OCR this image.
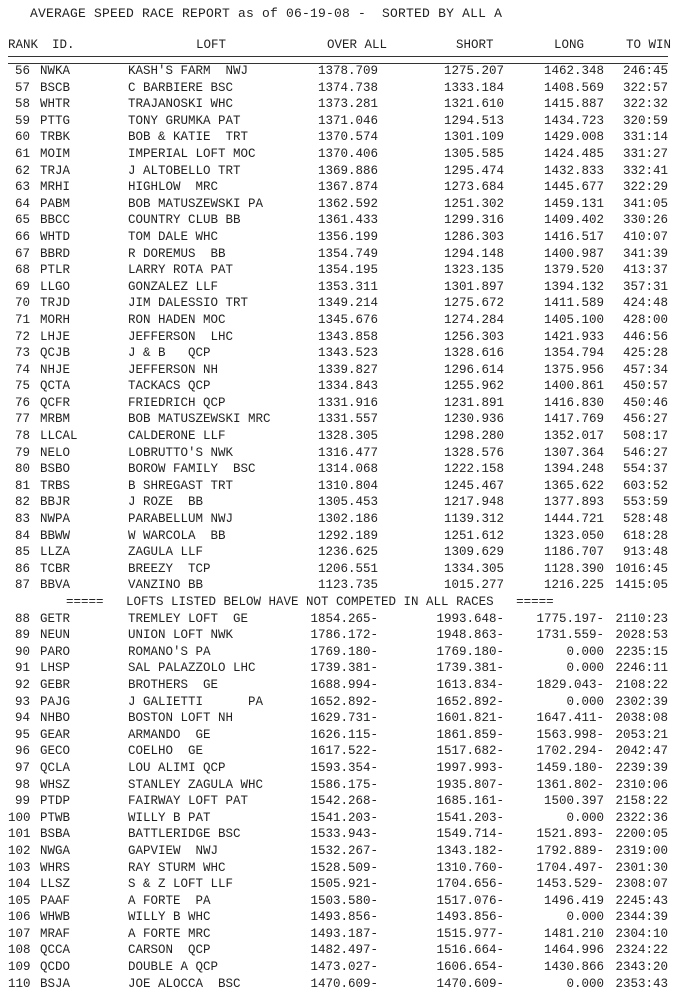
AVERAGE SPEED RACE REPORT as of 06-19-08 -  SORTED BY ALL A
RANK ID.	LOFT	OVER ALL	SHORT	LONG	TO WIN
56 NWKA	KASH'S FARM  NWJ	1378.709	1275.207	1462.348	246:45
57 BSCB	C BARBIERE BSC	1374.738	1333.184	1408.569	322:57
58 WHTR	TRAJANOSKI WHC	1373.281	1321.610	1415.887	322:32
59 PTTG	TONY GRUMKA PAT	1371.046	1294.513	1434.723	320:59
60 TRBK	BOB & KATIE  TRT	1370.574	1301.109	1429.008	331:14
61 MOIM	IMPERIAL LOFT MOC	1370.406	1305.585	1424.485	331:27
62 TRJA	J ALTOBELLO TRT	1369.886	1295.474	1432.833	332:41
63 MRHI	HIGHLOW  MRC	1367.874	1273.684	1445.677	322:29
64 PABM	BOB MATUSZEWSKI PA	1362.592	1251.302	1459.131	341:05
65 BBCC	COUNTRY CLUB BB	1361.433	1299.316	1409.402	330:26
66 WHTD	TOM DALE WHC	1356.199	1286.303	1416.517	410:07
67 BBRD	R DOREMUS  BB	1354.749	1294.148	1400.987	341:39
68 PTLR	LARRY ROTA PAT	1354.195	1323.135	1379.520	413:37
69 LLGO	GONZALEZ LLF	1353.311	1301.897	1394.132	357:31
70 TRJD	JIM DALESSIO TRT	1349.214	1275.672	1411.589	424:48
71 MORH	RON HADEN MOC	1345.676	1274.284	1405.100	428:00
72 LHJE	JEFFERSON  LHC	1343.858	1256.303	1421.933	446:56
73 QCJB	J & B   QCP	1343.523	1328.616	1354.794	425:28
74 NHJE	JEFFERSON NH	1339.827	1296.614	1375.956	457:34
75 QCTA	TACKACS QCP	1334.843	1255.962	1400.861	450:57
76 QCFR	FRIEDRICH QCP	1331.916	1231.891	1416.830	450:46
77 MRBM	BOB MATUSZEWSKI MRC	1331.557	1230.936	1417.769	456:27
78 LLCAL	CALDERONE LLF	1328.305	1298.280	1352.017	508:17
79 NELO	LOBRUTTO'S NWK	1316.477	1328.576	1307.364	546:27
80 BSBO	BOROW FAMILY  BSC	1314.068	1222.158	1394.248	554:37
81 TRBS	B SHREGAST TRT	1310.804	1245.467	1365.622	603:52
82 BBJR	J ROZE  BB	1305.453	1217.948	1377.893	553:59
83 NWPA	PARABELLUM NWJ	1302.186	1139.312	1444.721	528:48
84 BBWW	W WARCOLA  BB	1292.189	1251.612	1323.050	618:28
85 LLZA	ZAGULA LLF	1236.625	1309.629	1186.707	913:48
86 TCBR	BREEZY  TCP	1206.551	1334.305	1128.390 1016:45
87 BBVA	VANZINO BB	1123.735	1015.277	1216.225 1415:05
=====   LOFTS LISTED BELOW HAVE NOT COMPETED IN ALL RACES   =====
88 GETR	TREMLEY LOFT  GE	1854.265-	1993.648-	1775.197- 2110:23
89 NEUN	UNION LOFT NWK	1786.172-	1948.863-	1731.559- 2028:53
90 PARO	ROMANO'S PA	1769.180-	1769.180-	0.000 2235:15
91 LHSP	SAL PALAZZOLO LHC	1739.381-	1739.381-	0.000 2246:11
92 GEBR	BROTHERS  GE	1688.994-	1613.834-	1829.043- 2108:22
93 PAJG	J GALIETTI      PA	1652.892-	1652.892-	0.000 2302:39
94 NHBO	BOSTON LOFT NH	1629.731-	1601.821-	1647.411- 2038:08
95 GEAR	ARMANDO  GE	1626.115-	1861.859-	1563.998- 2053:21
96 GECO	COELHO  GE	1617.522-	1517.682-	1702.294- 2042:47
97 QCLA	LOU ALIMI QCP	1593.354-	1997.993-	1459.180- 2239:39
98 WHSZ	STANLEY ZAGULA WHC	1586.175-	1935.807-	1361.802- 2310:06
99 PTDP	FAIRWAY LOFT PAT	1542.268-	1685.161-	1500.397 2158:22
100 PTWB	WILLY B PAT	1541.203-	1541.203-	0.000 2322:36
101 BSBA	BATTLERIDGE BSC	1533.943-	1549.714-	1521.893- 2200:05
102 NWGA	GAPVIEW  NWJ	1532.267-	1343.182-	1792.889- 2319:00
103 WHRS	RAY STURM WHC	1528.509-	1310.760-	1704.497- 2301:30
104 LLSZ	S & Z LOFT LLF	1505.921-	1704.656-	1453.529- 2308:07
105 PAAF	A FORTE  PA	1503.580-	1517.076-	1496.419 2245:43
106 WHWB	WILLY B WHC	1493.856-	1493.856-	0.000 2344:39
107 MRAF	A FORTE MRC	1493.187-	1515.977-	1481.210 2304:10
108 QCCA	CARSON  QCP	1482.497-	1516.664-	1464.996 2324:22
109 QCDO	DOUBLE A QCP	1473.027-	1606.654-	1430.866 2343:20
110 BSJA	JOE ALOCCA  BSC	1470.609-	1470.609-	0.000 2353:43
